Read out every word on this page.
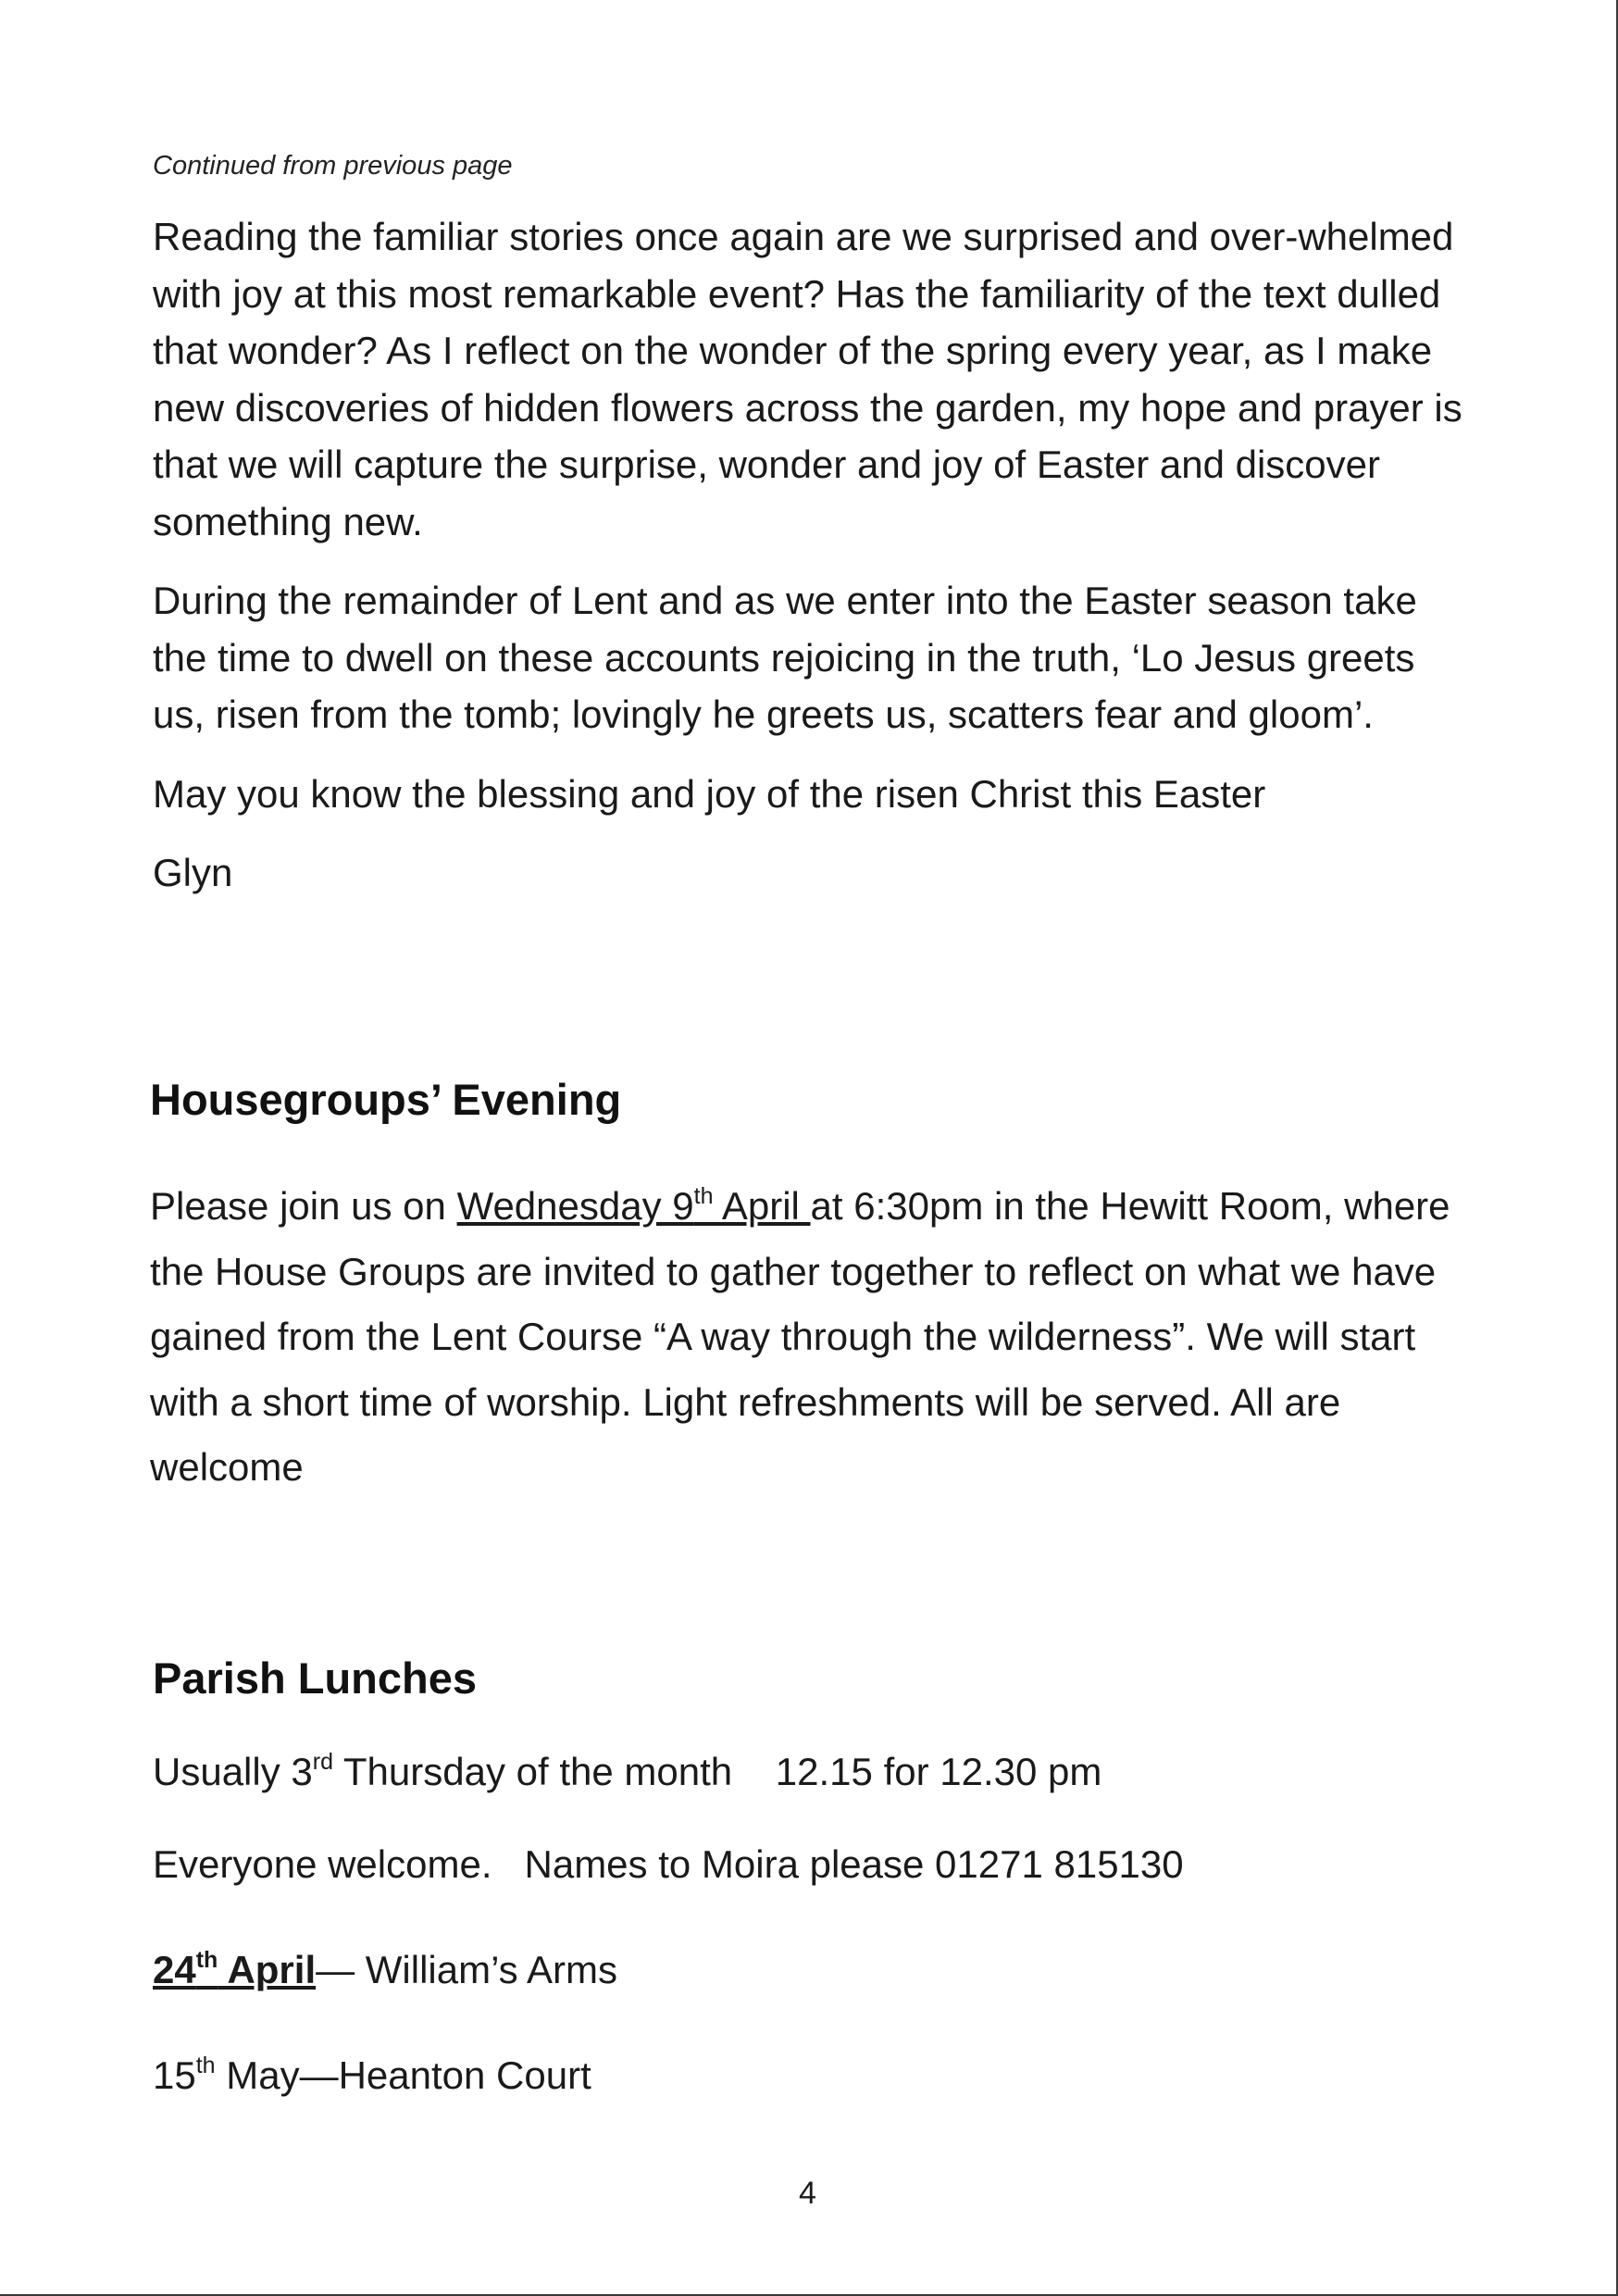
Continued from previous page

Reading the familiar stories once again are we surprised and over-whelmed with joy at this most remarkable event? Has the familiarity of the text dulled that wonder? As I reflect on the wonder of the spring every year, as I make new discoveries of hidden flowers across the garden, my hope and prayer is that we will capture the surprise, wonder and joy of Easter and discover something new.

During the remainder of Lent and as we enter into the Easter season take the time to dwell on these accounts rejoicing in the truth, ‘Lo Jesus greets us, risen from the tomb; lovingly he greets us, scatters fear and gloom’.

May you know the blessing and joy of the risen Christ this Easter

Glyn

Housegroups’ Evening

Please join us on Wednesday 9th April at 6:30pm in the Hewitt Room, where the House Groups are invited to gather together to reflect on what we have gained from the Lent Course “A way through the wilderness”. We will start with a short time of worship. Light refreshments will be served. All are welcome

Parish Lunches
Usually 3rd Thursday of the month    12.15 for 12.30 pm
Everyone welcome.   Names to Moira please 01271 815130
24th April— William’s Arms
15th May—Heanton Court
4
